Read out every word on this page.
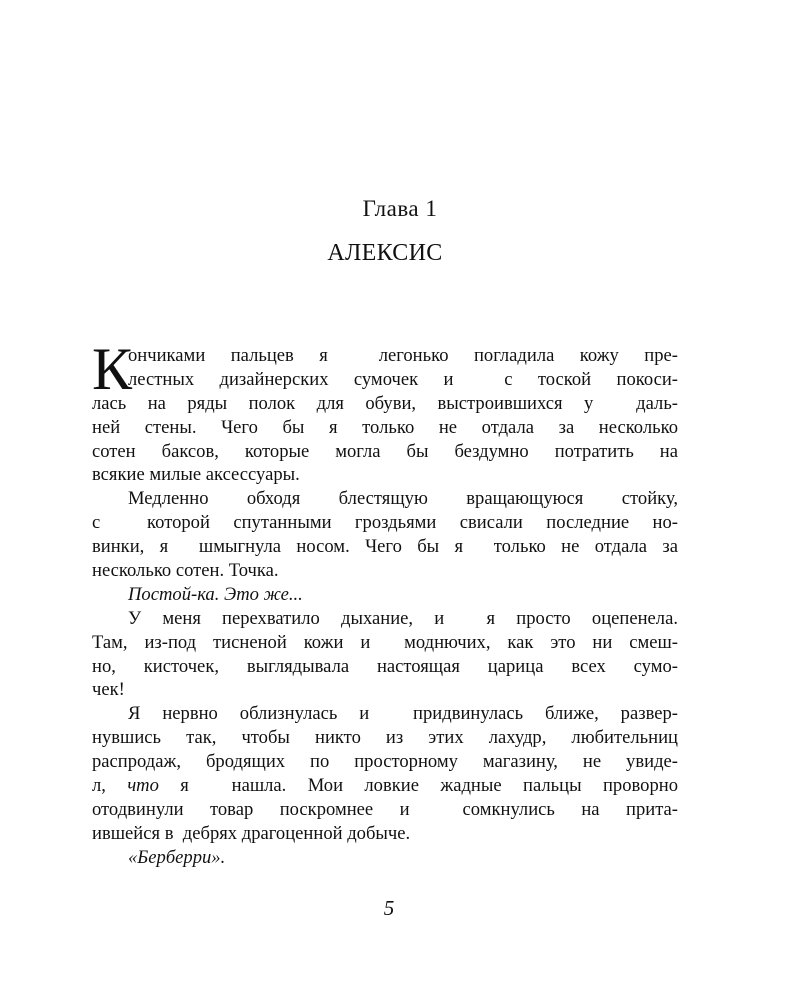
Глава 1
АЛЕКСИС
К
ончиками пальцев я  легонько погладила кожу пре-
лестных дизайнерских сумочек и  с тоской покоси-
лась на ряды полок для обуви, выстроившихся у  даль-
ней стены. Чего бы я только не отдала за несколько
сотен баксов, которые могла бы бездумно потратить на
всякие милые аксессуары.
Медленно обходя блестящую вращающуюся стойку,
с  которой спутанными гроздьями свисали последние но-
винки, я  шмыгнула носом. Чего бы я  только не отдала за
несколько сотен. Точка.
Постой-ка. Это же...
У меня перехватило дыхание, и  я просто оцепенела.
Там, из-под тисненой кожи и  моднючих, как это ни смеш-
но, кисточек, выглядывала настоящая царица всех сумо-
чек!
Я нервно облизнулась и  придвинулась ближе, развер-
нувшись так, чтобы никто из этих лахудр, любительниц
распродаж, бродящих по просторному магазину, не увиде-
л, что я  нашла. Мои ловкие жадные пальцы проворно
отодвинули товар поскромнее и  сомкнулись на прита-
ившейся в  дебрях драгоценной добыче.
«Берберри».
5
